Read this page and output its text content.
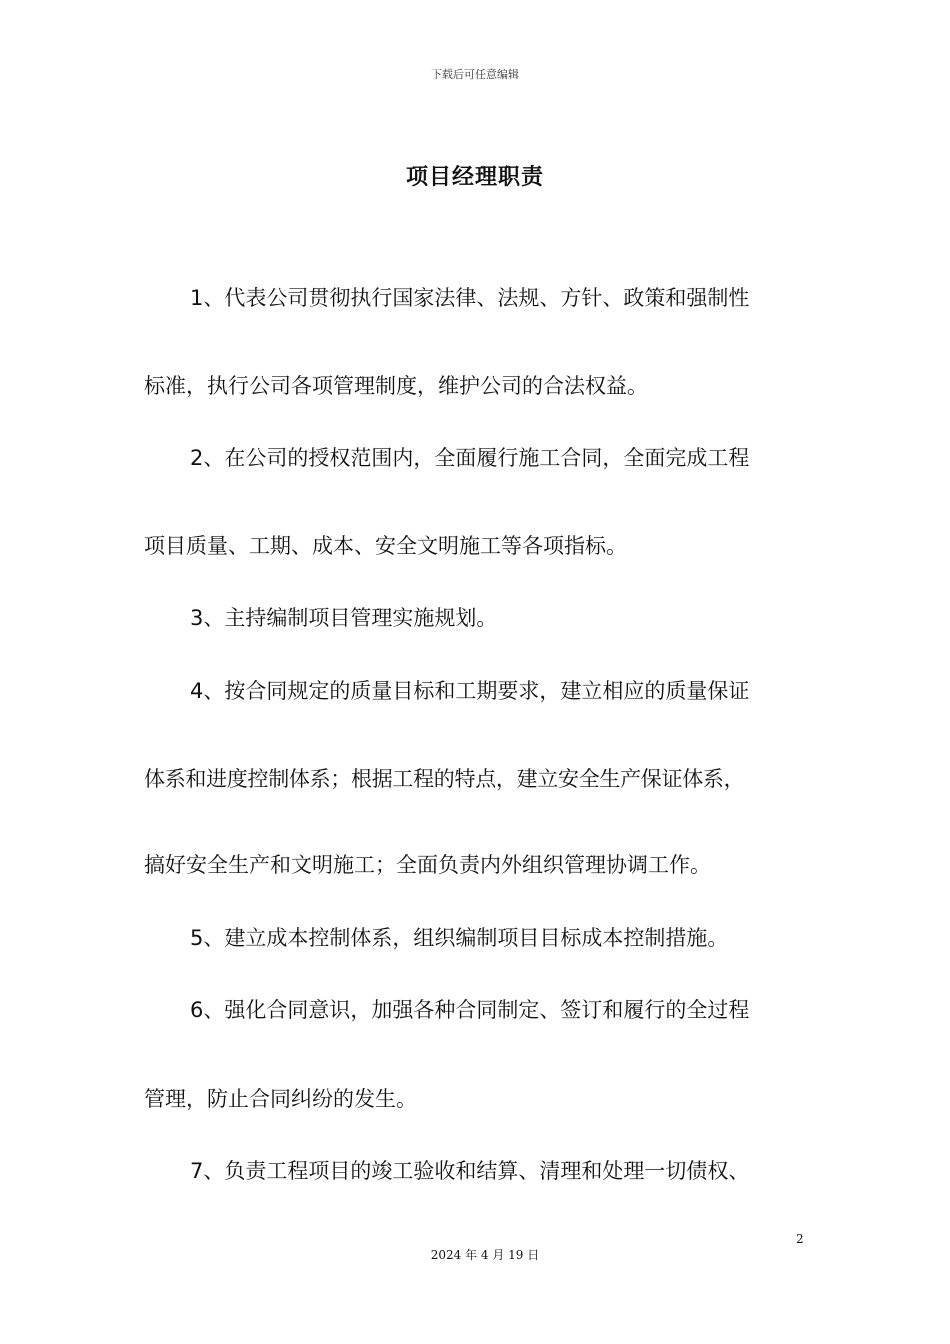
下载后可任意编辑
项目经理职责
1、代表公司贯彻执行国家法律、法规、方针、政策和强制性
标准，执行公司各项管理制度，维护公司的合法权益。
2、在公司的授权范围内，全面履行施工合同，全面完成工程
项目质量、工期、成本、安全文明施工等各项指标。
3、主持编制项目管理实施规划。
4、按合同规定的质量目标和工期要求，建立相应的质量保证
体系和进度控制体系；根据工程的特点，建立安全生产保证体系，
搞好安全生产和文明施工；全面负责内外组织管理协调工作。
5、建立成本控制体系，组织编制项目目标成本控制措施。
6、强化合同意识，加强各种合同制定、签订和履行的全过程
管理，防止合同纠纷的发生。
7、负责工程项目的竣工验收和结算、清理和处理一切债权、
2
2024 年 4 月 19 日
